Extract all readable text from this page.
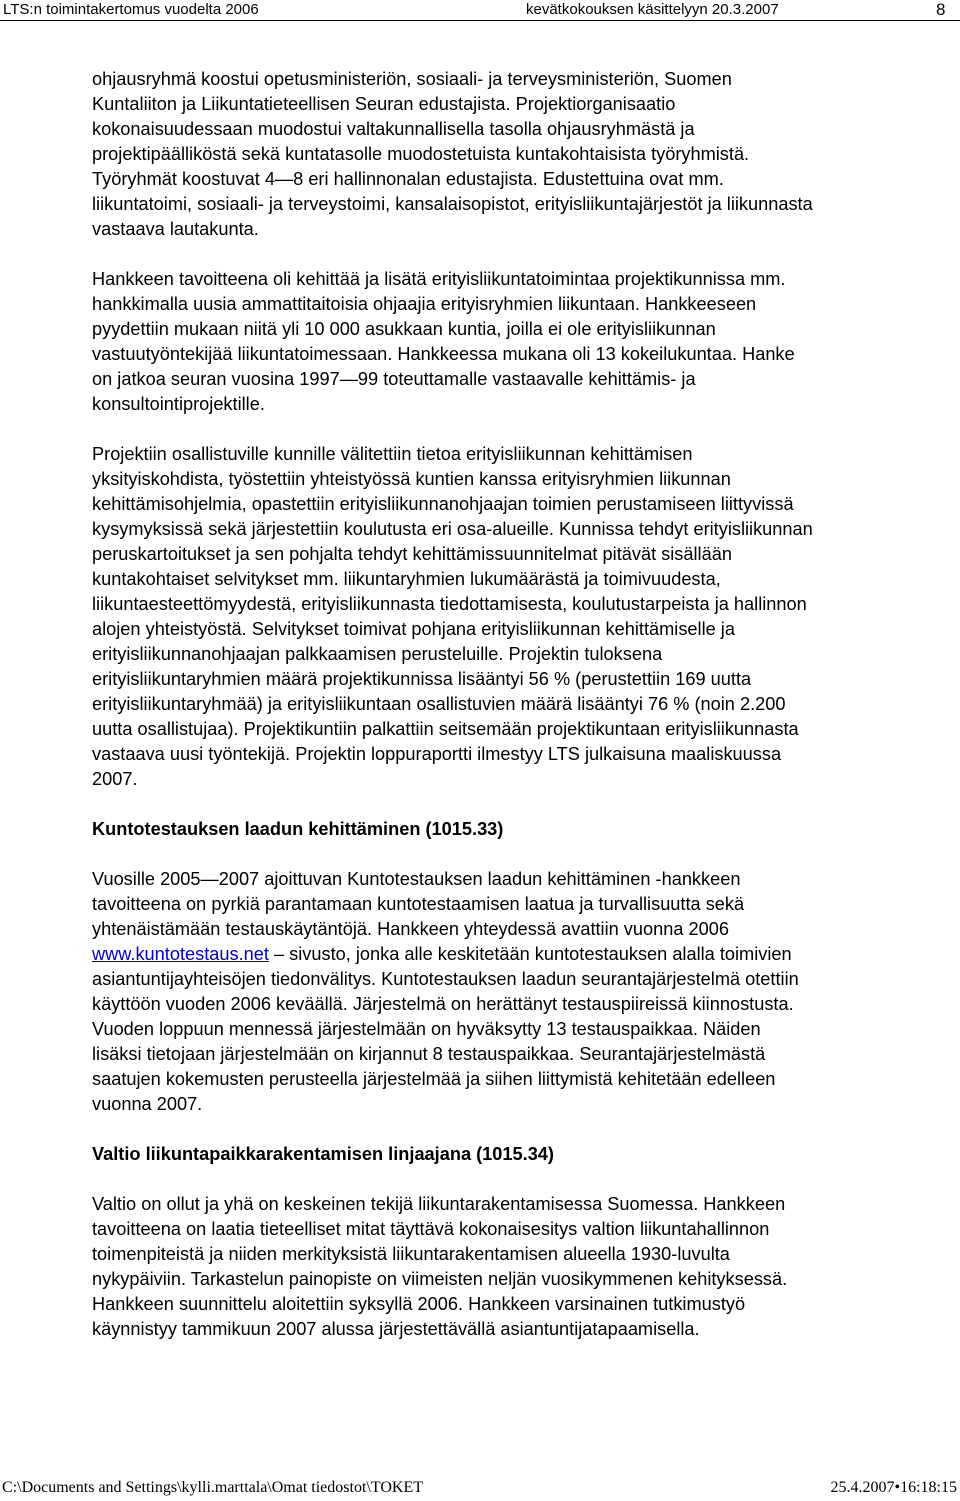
LTS:n toimintakertomus vuodelta 2006	kevätkokouksen käsittelyyn 20.3.2007	8

ohjausryhmä koostui opetusministeriön, sosiaali- ja terveysministeriön, Suomen
Kuntaliiton ja Liikuntatieteellisen Seuran edustajista. Projektiorganisaatio
kokonaisuudessaan muodostui valtakunnallisella tasolla ohjausryhmästä ja
projektipäälliköstä sekä kuntatasolle muodostetuista kuntakohtaisista työryhmistä.
Työryhmät koostuvat 4—8 eri hallinnonalan edustajista. Edustettuina ovat mm.
liikuntatoimi, sosiaali- ja terveystoimi, kansalaisopistot, erityisliikuntajärjestöt ja liikunnasta
vastaava lautakunta.

Hankkeen tavoitteena oli kehittää ja lisätä erityisliikuntatoimintaa projektikunnissa mm.
hankkimalla uusia ammattitaitoisia ohjaajia erityisryhmien liikuntaan. Hankkeeseen
pyydettiin mukaan niitä yli 10 000 asukkaan kuntia, joilla ei ole erityisliikunnan
vastuutyöntekijää liikuntatoimessaan. Hankkeessa mukana oli 13 kokeilukuntaa. Hanke
on jatkoa seuran vuosina 1997—99 toteuttamalle vastaavalle kehittämis- ja
konsultointiprojektille.

Projektiin osallistuville kunnille välitettiin tietoa erityisliikunnan kehittämisen
yksityiskohdista, työstettiin yhteistyössä kuntien kanssa erityisryhmien liikunnan
kehittämisohjelmia, opastettiin erityisliikunnanohjaajan toimien perustamiseen liittyvissä
kysymyksissä sekä järjestettiin koulutusta eri osa-alueille. Kunnissa tehdyt erityisliikunnan
peruskartoitukset ja sen pohjalta tehdyt kehittämissuunnitelmat pitävät sisällään
kuntakohtaiset selvitykset mm. liikuntaryhmien lukumäärästä ja toimivuudesta,
liikuntaesteettömyydestä, erityisliikunnasta tiedottamisesta, koulutustarpeista ja hallinnon
alojen yhteistyöstä. Selvitykset toimivat pohjana erityisliikunnan kehittämiselle ja
erityisliikunnanohjaajan palkkaamisen perusteluille. Projektin tuloksena
erityisliikuntaryhmien määrä projektikunnissa lisääntyi 56 % (perustettiin 169 uutta
erityisliikuntaryhmää) ja erityisliikuntaan osallistuvien määrä lisääntyi 76 % (noin 2.200
uutta osallistujaa). Projektikuntiin palkattiin seitsemään projektikuntaan erityisliikunnasta
vastaava uusi työntekijä. Projektin loppuraportti ilmestyy LTS julkaisuna maaliskuussa
2007.

Kuntotestauksen laadun kehittäminen (1015.33)

Vuosille 2005—2007 ajoittuvan Kuntotestauksen laadun kehittäminen -hankkeen
tavoitteena on pyrkiä parantamaan kuntotestaamisen laatua ja turvallisuutta sekä
yhtenäistämään testauskäytäntöjä. Hankkeen yhteydessä avattiin vuonna 2006
www.kuntotestaus.net – sivusto, jonka alle keskitetään kuntotestauksen alalla toimivien
asiantuntijayhteisöjen tiedonvälitys. Kuntotestauksen laadun seurantajärjestelmä otettiin
käyttöön vuoden 2006 keväällä. Järjestelmä on herättänyt testauspiireissä kiinnostusta.
Vuoden loppuun mennessä järjestelmään on hyväksytty 13 testauspaikkaa. Näiden
lisäksi tietojaan järjestelmään on kirjannut 8 testauspaikkaa. Seurantajärjestelmästä
saatujen kokemusten perusteella järjestelmää ja siihen liittymistä kehitetään edelleen
vuonna 2007.

Valtio liikuntapaikkarakentamisen linjaajana (1015.34)

Valtio on ollut ja yhä on keskeinen tekijä liikuntarakentamisessa Suomessa. Hankkeen
tavoitteena on laatia tieteelliset mitat täyttävä kokonaisesitys valtion liikuntahallinnon
toimenpiteistä ja niiden merkityksistä liikuntarakentamisen alueella 1930-luvulta
nykypäiviin. Tarkastelun painopiste on viimeisten neljän vuosikymmenen kehityksessä.
Hankkeen suunnittelu aloitettiin syksyllä 2006. Hankkeen varsinainen tutkimustyö
käynnistyy tammikuun 2007 alussa järjestettävällä asiantuntijatapaamisella.

C:\Documents and Settings\kylli.marttala\Omat tiedostot\TOKET	25.4.2007•16:18:15
